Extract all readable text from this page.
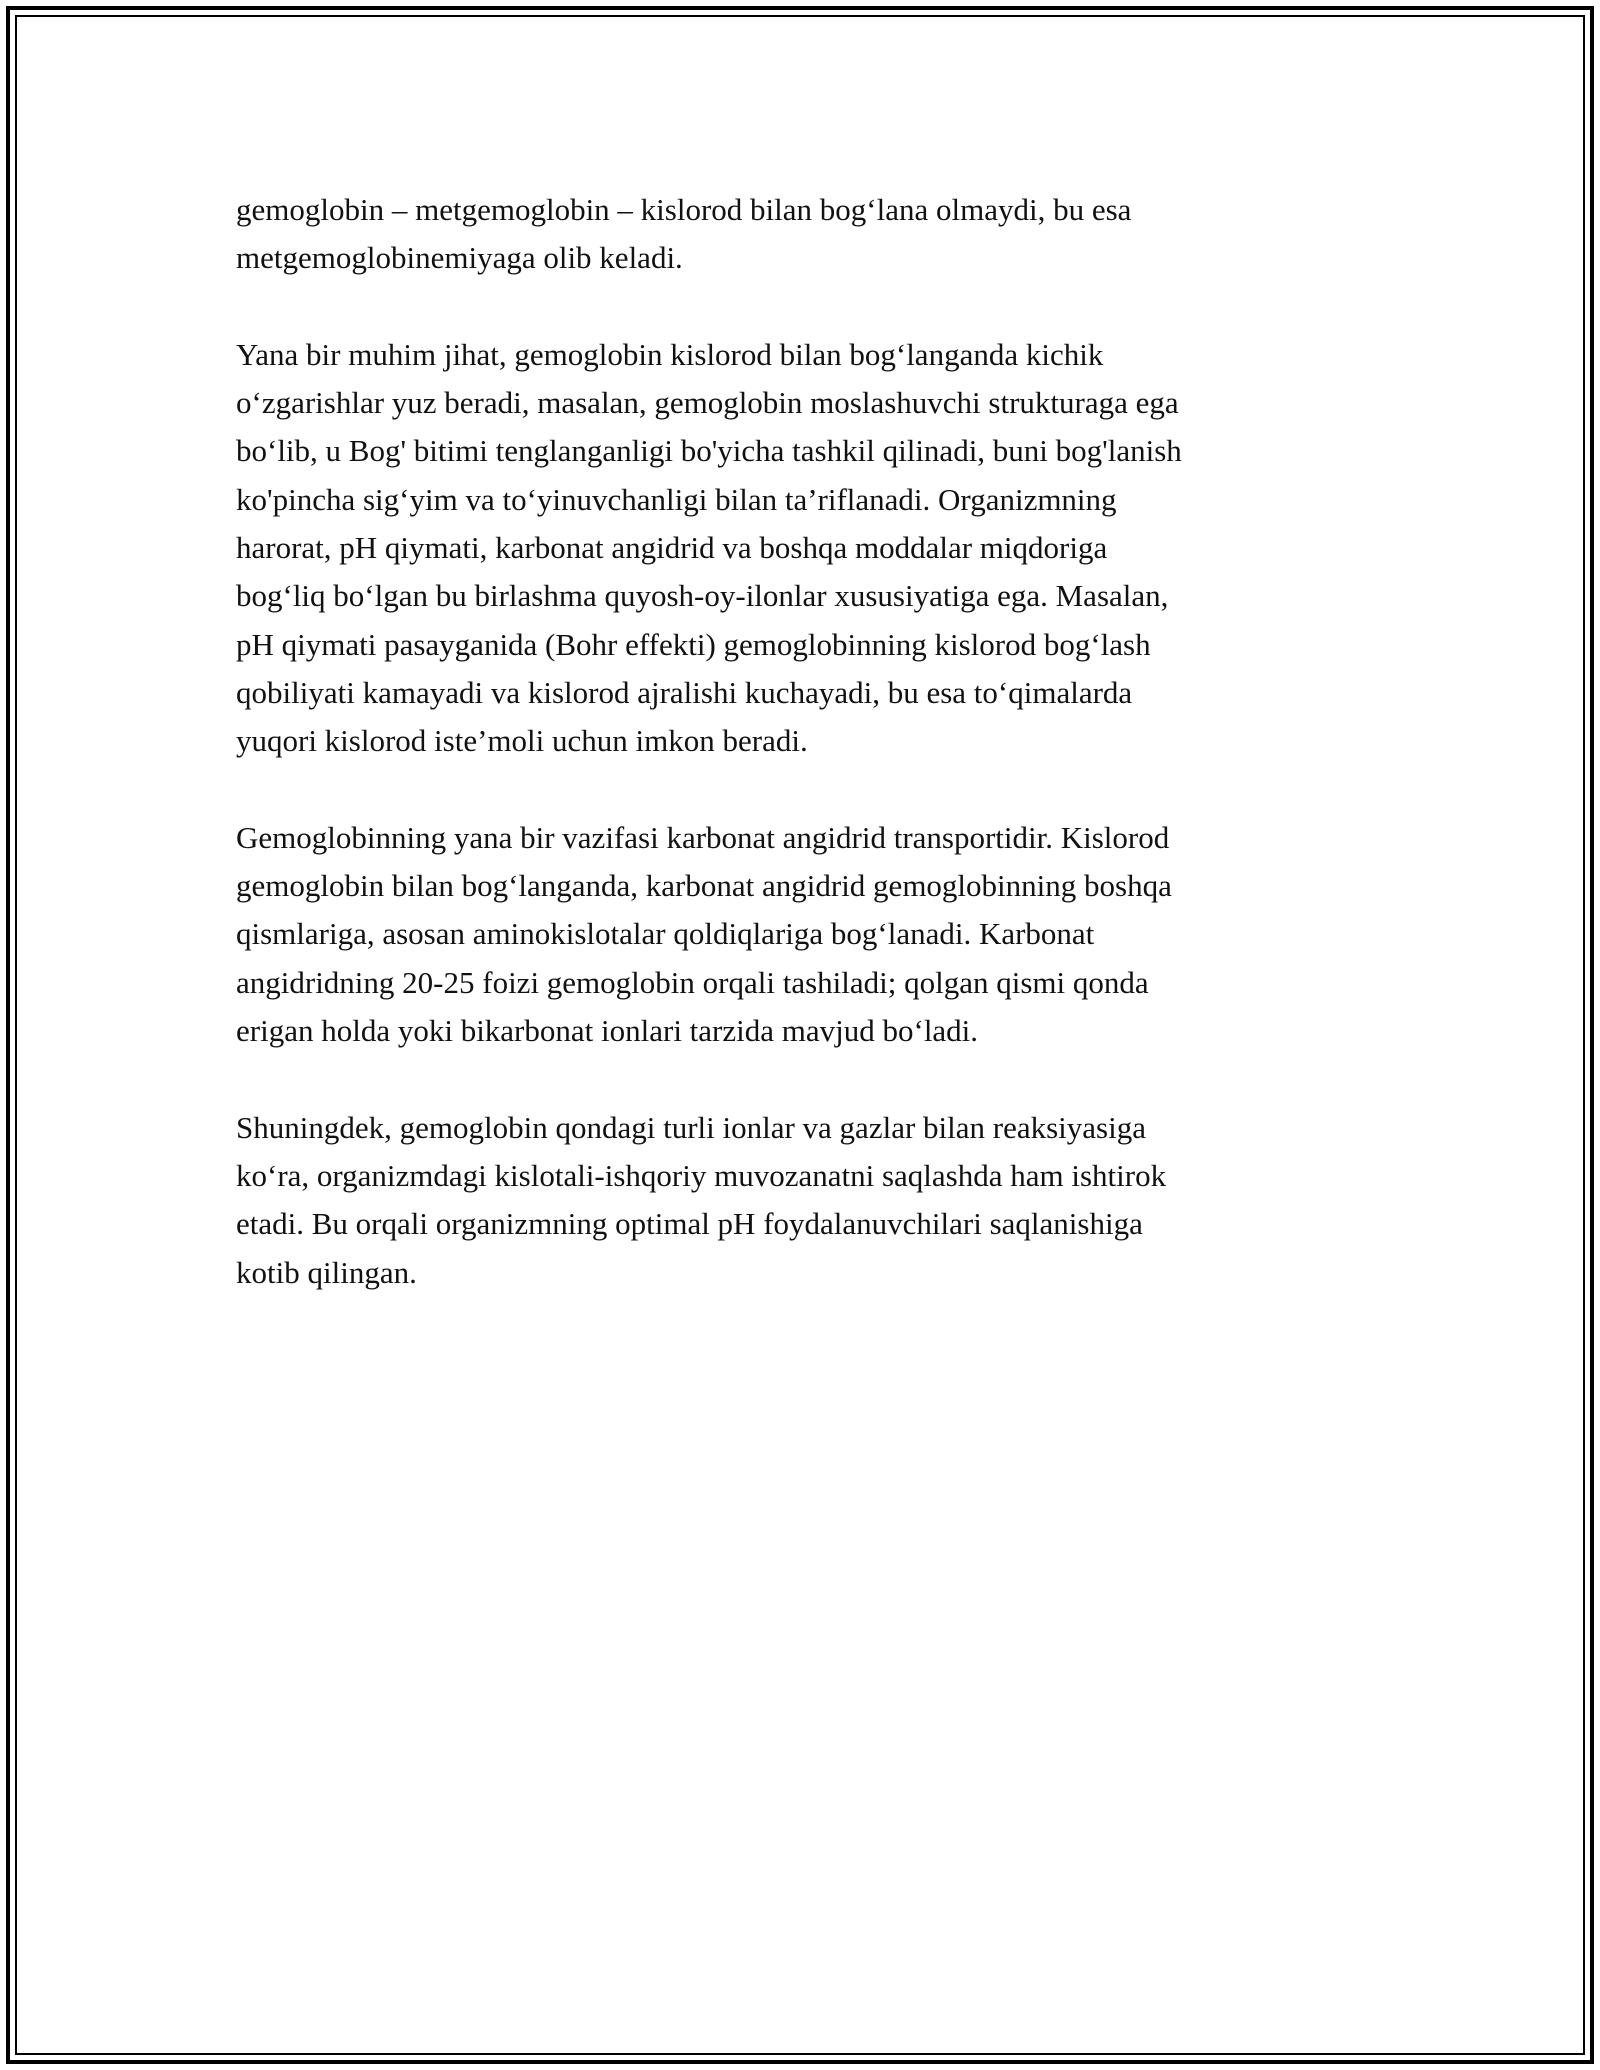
gemoglobin – metgemoglobin – kislorod bilan bog‘lana olmaydi, bu esa
metgemoglobinemiyaga olib keladi.

Yana bir muhim jihat, gemoglobin kislorod bilan bog‘langanda kichik
o‘zgarishlar yuz beradi, masalan, gemoglobin moslashuvchi strukturaga ega
bo‘lib, u Bog' bitimi tenglanganligi bo'yicha tashkil qilinadi, buni bog'lanish
ko'pincha sig‘yim va to‘yinuvchanligi bilan ta’riflanadi. Organizmning
harorat, pH qiymati, karbonat angidrid va boshqa moddalar miqdoriga
bog‘liq bo‘lgan bu birlashma quyosh-oy-ilonlar xususiyatiga ega. Masalan,
pH qiymati pasayganida (Bohr effekti) gemoglobinning kislorod bog‘lash
qobiliyati kamayadi va kislorod ajralishi kuchayadi, bu esa to‘qimalarda
yuqori kislorod iste’moli uchun imkon beradi.

Gemoglobinning yana bir vazifasi karbonat angidrid transportidir. Kislorod
gemoglobin bilan bog‘langanda, karbonat angidrid gemoglobinning boshqa
qismlariga, asosan aminokislotalar qoldiqlariga bog‘lanadi. Karbonat
angidridning 20-25 foizi gemoglobin orqali tashiladi; qolgan qismi qonda
erigan holda yoki bikarbonat ionlari tarzida mavjud bo‘ladi.

Shuningdek, gemoglobin qondagi turli ionlar va gazlar bilan reaksiyasiga
ko‘ra, organizmdagi kislotali-ishqoriy muvozanatni saqlashda ham ishtirok
etadi. Bu orqali organizmning optimal pH foydalanuvchilari saqlanishiga
kotib qilingan.
